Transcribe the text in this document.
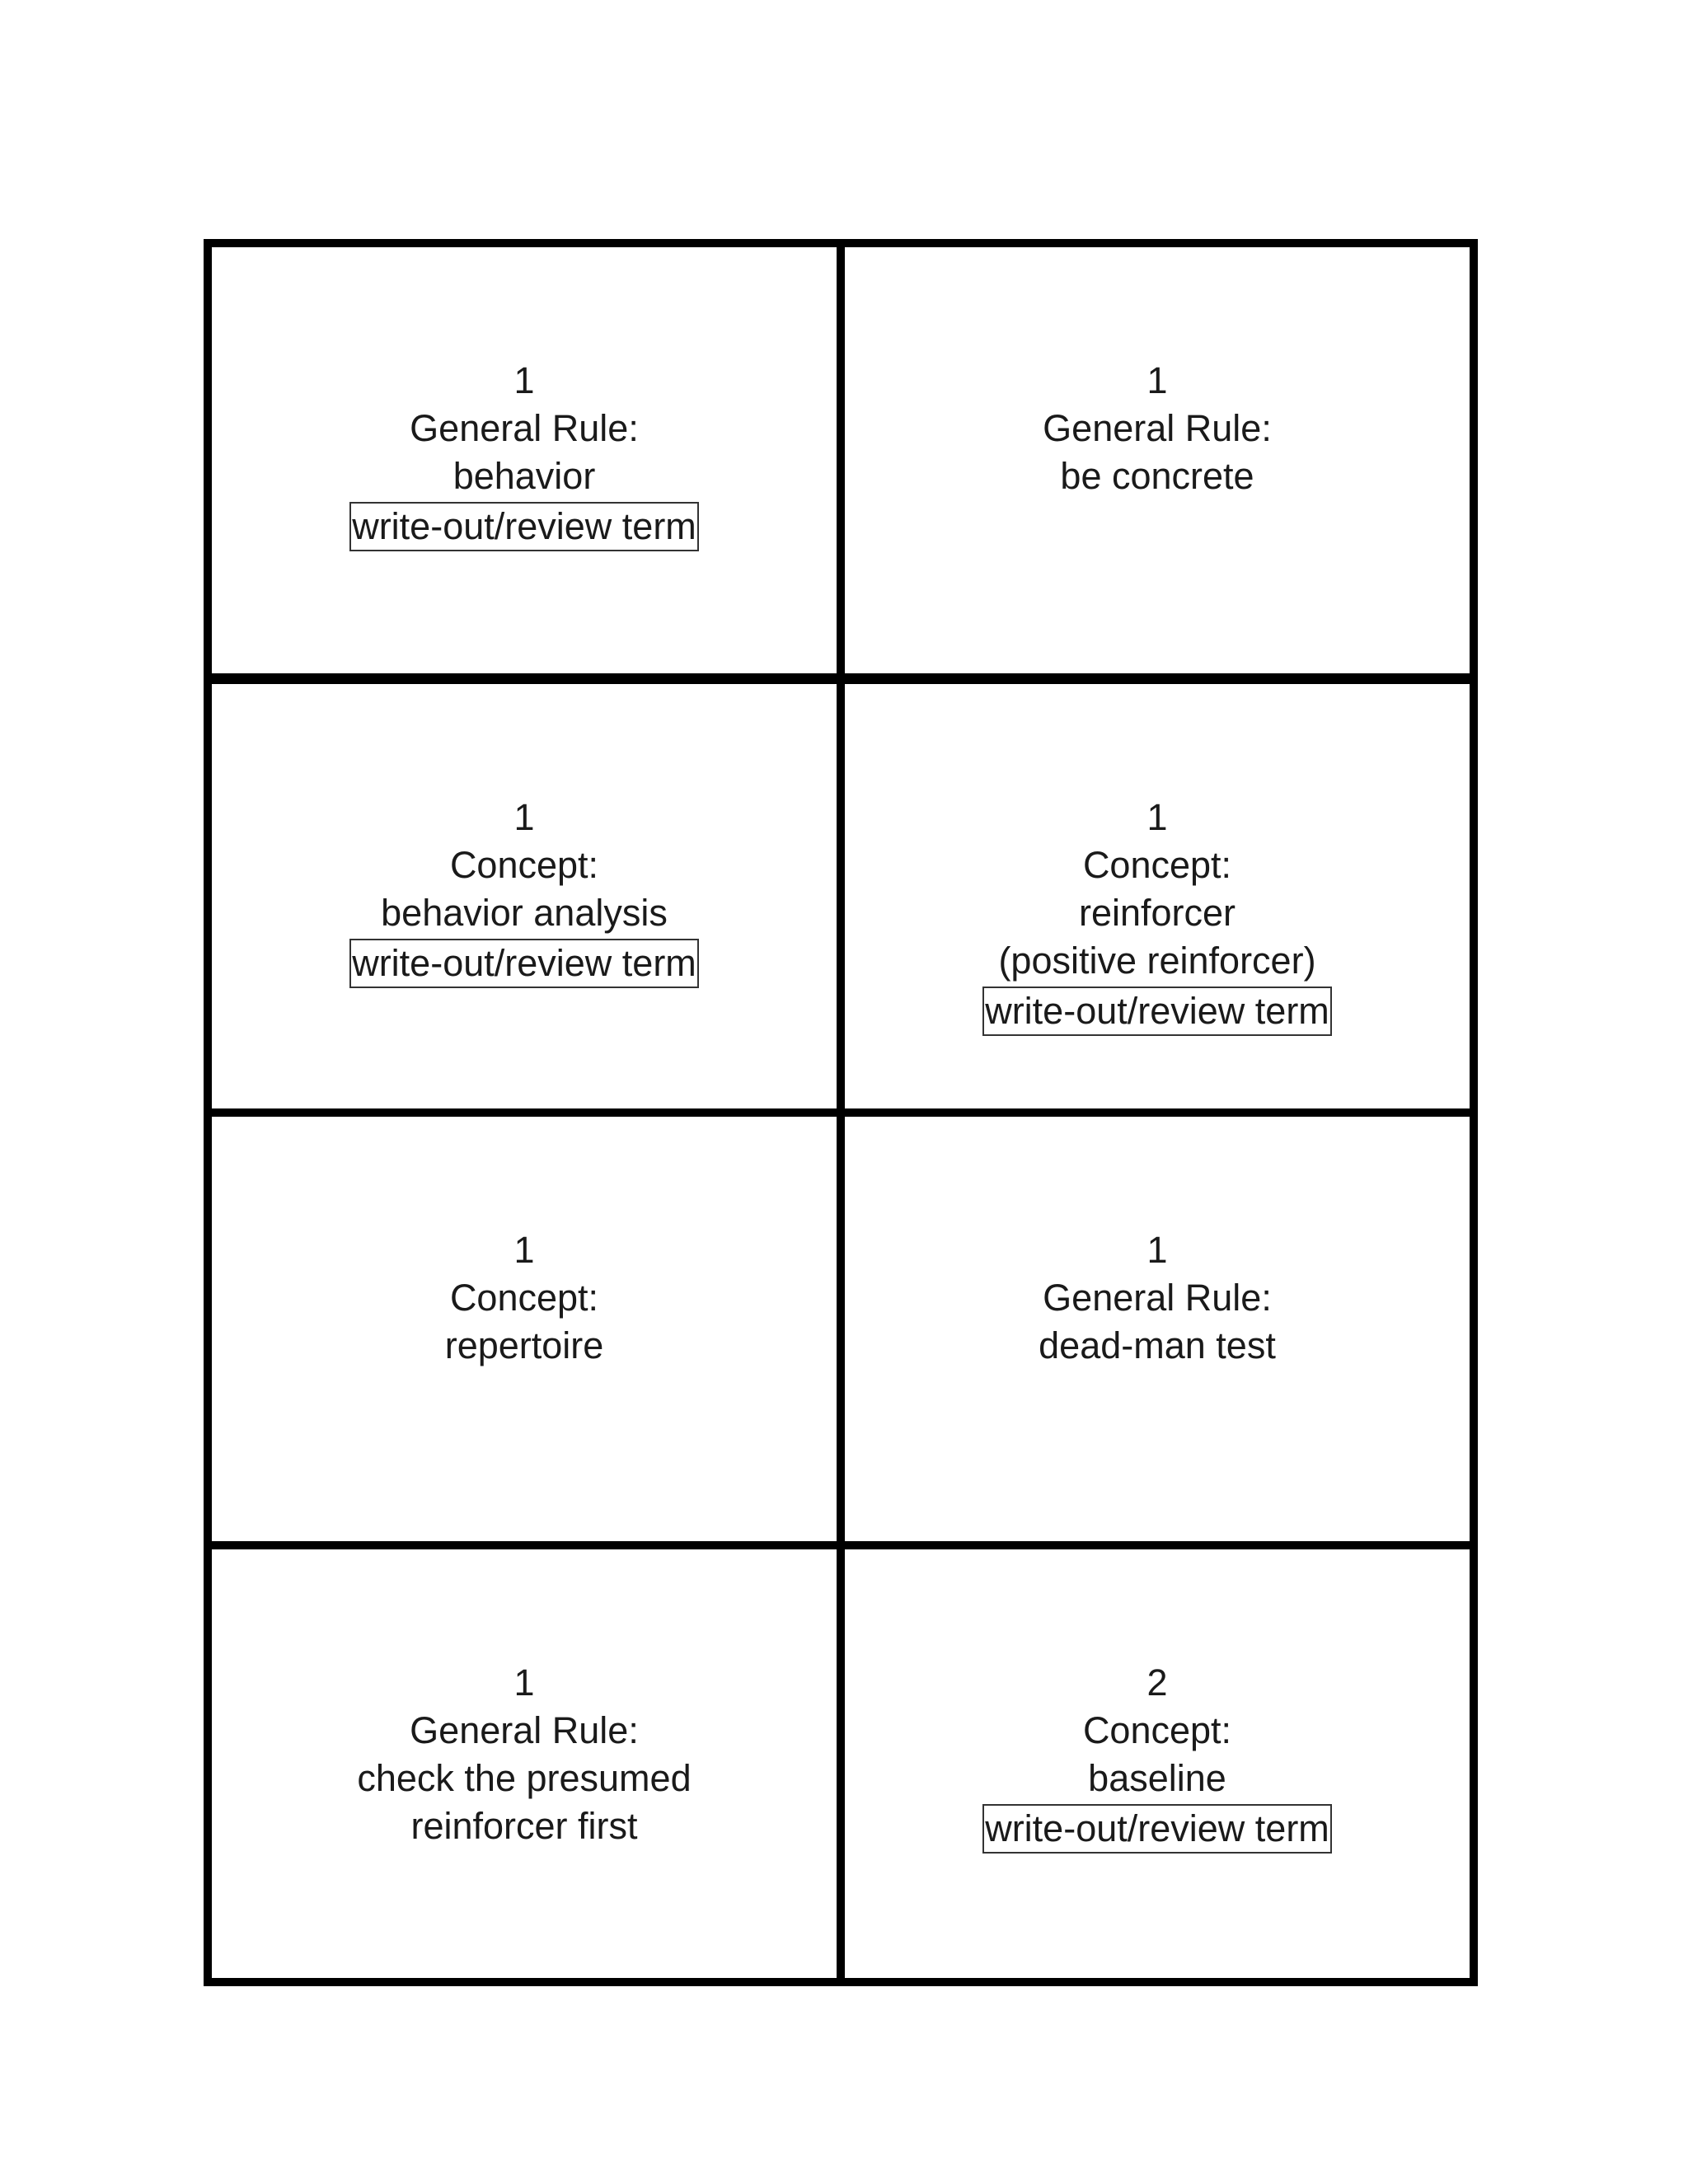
1
General Rule:
behavior
write-out/review term
1
General Rule:
be concrete
1
Concept:
behavior analysis
write-out/review term
1
Concept:
reinforcer
(positive reinforcer)
write-out/review term
1
Concept:
repertoire
1
General Rule:
dead-man test
1
General Rule:
check the presumed
reinforcer first
2
Concept:
baseline
write-out/review term
